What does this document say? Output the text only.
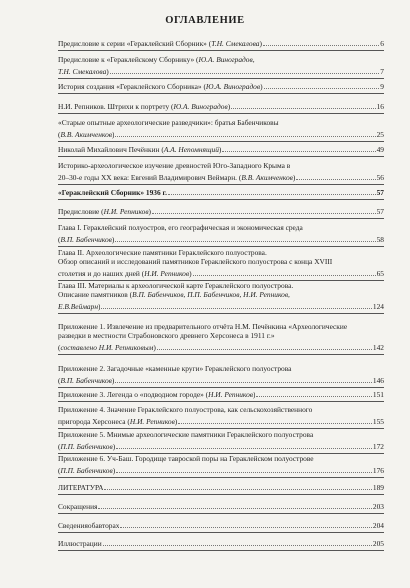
ОГЛАВЛЕНИЕ
Предисловие к серии «Гераклейский Сборник» (Т.Н. Смекалова)	6
Предисловие к «Гераклейскому Сборнику» (Ю.А. Виноградов,
Т.Н. Смекалова)	7
История создания «Гераклейского Сборника» (Ю.А. Виноградов)	9
Н.И. Репников. Штрихи к портрету (Ю.А. Виноградов)	16
«Старые опытные археологические разведчики»: братья Бабенчиковы
(В.В. Акимченков)	25
Николай Михайлович Печёнкин (А.А. Непомнящий)	49
Историко-археологическое изучение древностей Юго-Западного Крыма в
20–30-е годы XX века: Евгений Владимирович Веймарн. (В.В. Акимченков)	56
«Гераклейский Сборник» 1936 г.	57
Предисловие (Н.И. Репников)	57
Глава I. Гераклейский полуостров, его географическая и экономическая среда
(В.П. Бабенчиков)	58
Глава II. Археологические памятники Гераклейского полуострова.
Обзор описаний и исследований памятников Гераклейского полуострова с конца XVIII
столетия и до наших дней (Н.И. Репников)	65
Глава III. Материалы к археологической карте Гераклейского полуострова.
Описание памятников (В.П. Бабенчиков, П.П. Бабенчиков, Н.И. Репников,
Е.В.Веймарн)	124
Приложение 1. Извлечение из предварительного отчёта Н.М. Печёнкина «Археологические
разведки в местности Страбоновского древнего Херсонеса в 1911 г.»
(составлено Н.И. Репниковым)	142
Приложение 2. Загадочные «каменные круги» Гераклейского полуострова
(В.П. Бабенчиков)	146
Приложение 3. Легенда о «подводном городе» (Н.И. Репников)	151
Приложение 4. Значение Гераклейского полуострова, как сельскохозяйственного
пригорода Херсонеса (Н.И. Репников)	155
Приложение 5. Мнимые археологические памятники Гераклейского полуострова
(П.П. Бабенчиков)	172
Приложение 6. Уч-Баш. Городище тавроской поры на Гераклейском полуострове
(П.П. Бабенчиков)	176
ЛИТЕРАТУРА	189
Сокращения	203
Сведенияобавторах	204
Иллюстрации	205
